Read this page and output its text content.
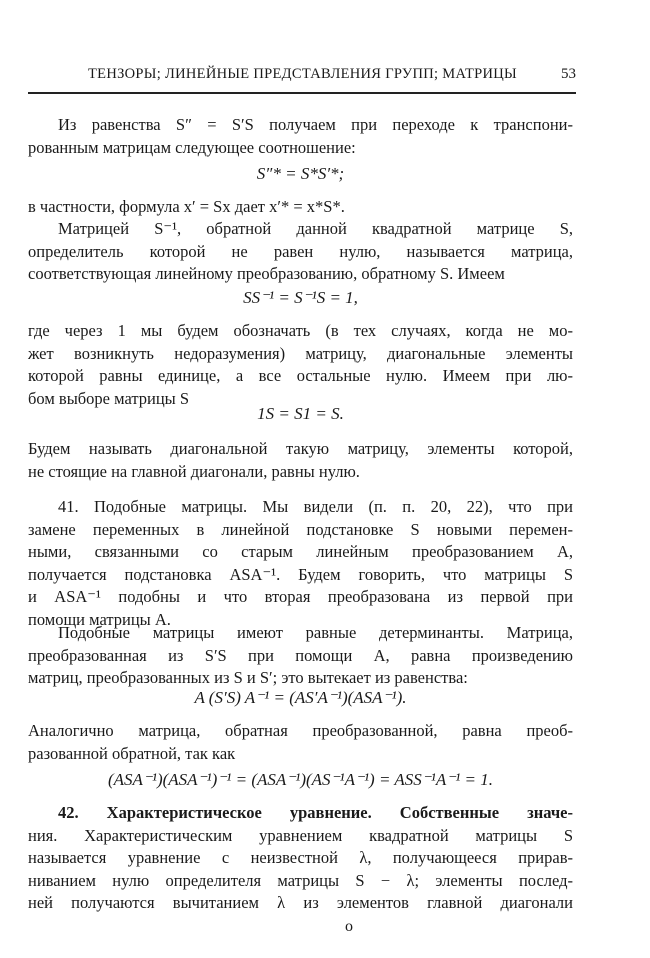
ТЕНЗОРЫ; ЛИНЕЙНЫЕ ПРЕДСТАВЛЕНИЯ ГРУПП; МАТРИЦЫ	53
Из равенства S″ = S′S получаем при переходе к транспони-
рованным матрицам следующее соотношение:
S″* = S*S′*;
в частности, формула x′ = Sx дает x′* = x*S*.
Матрицей S⁻¹, обратной данной квадратной матрице S,
определитель которой не равен нулю, называется матрица,
соответствующая линейному преобразованию, обратному S. Имеем
SS⁻¹ = S⁻¹S = 1,
где через 1 мы будем обозначать (в тех случаях, когда не мо-
жет возникнуть недоразумения) матрицу, диагональные элементы
которой равны единице, а все остальные нулю. Имеем при лю-
бом выборе матрицы S
1S = S1 = S.
Будем называть диагональной такую матрицу, элементы которой,
не стоящие на главной диагонали, равны нулю.
41. Подобные матрицы. Мы видели (п. п. 20, 22), что при
замене переменных в линейной подстановке S новыми перемен-
ными, связанными со старым линейным преобразованием A,
получается подстановка ASA⁻¹. Будем говорить, что матрицы S
и ASA⁻¹ подобны и что вторая преобразована из первой при
помощи матрицы A.
Подобные матрицы имеют равные детерминанты. Матрица,
преобразованная из S′S при помощи A, равна произведению
матриц, преобразованных из S и S′; это вытекает из равенства:
A (S′S) A⁻¹ = (AS′A⁻¹)(ASA⁻¹).
Аналогично матрица, обратная преобразованной, равна преоб-
разованной обратной, так как
(ASA⁻¹)(ASA⁻¹)⁻¹ = (ASA⁻¹)(AS⁻¹A⁻¹) = ASS⁻¹A⁻¹ = 1.
42. Характеристическое уравнение. Собственные значе-
ния. Характеристическим уравнением квадратной матрицы S
называется уравнение с неизвестной λ, получающееся прирав-
ниванием нулю определителя матрицы S − λ; элементы послед-
ней получаются вычитанием λ из элементов главной диагонали
о
